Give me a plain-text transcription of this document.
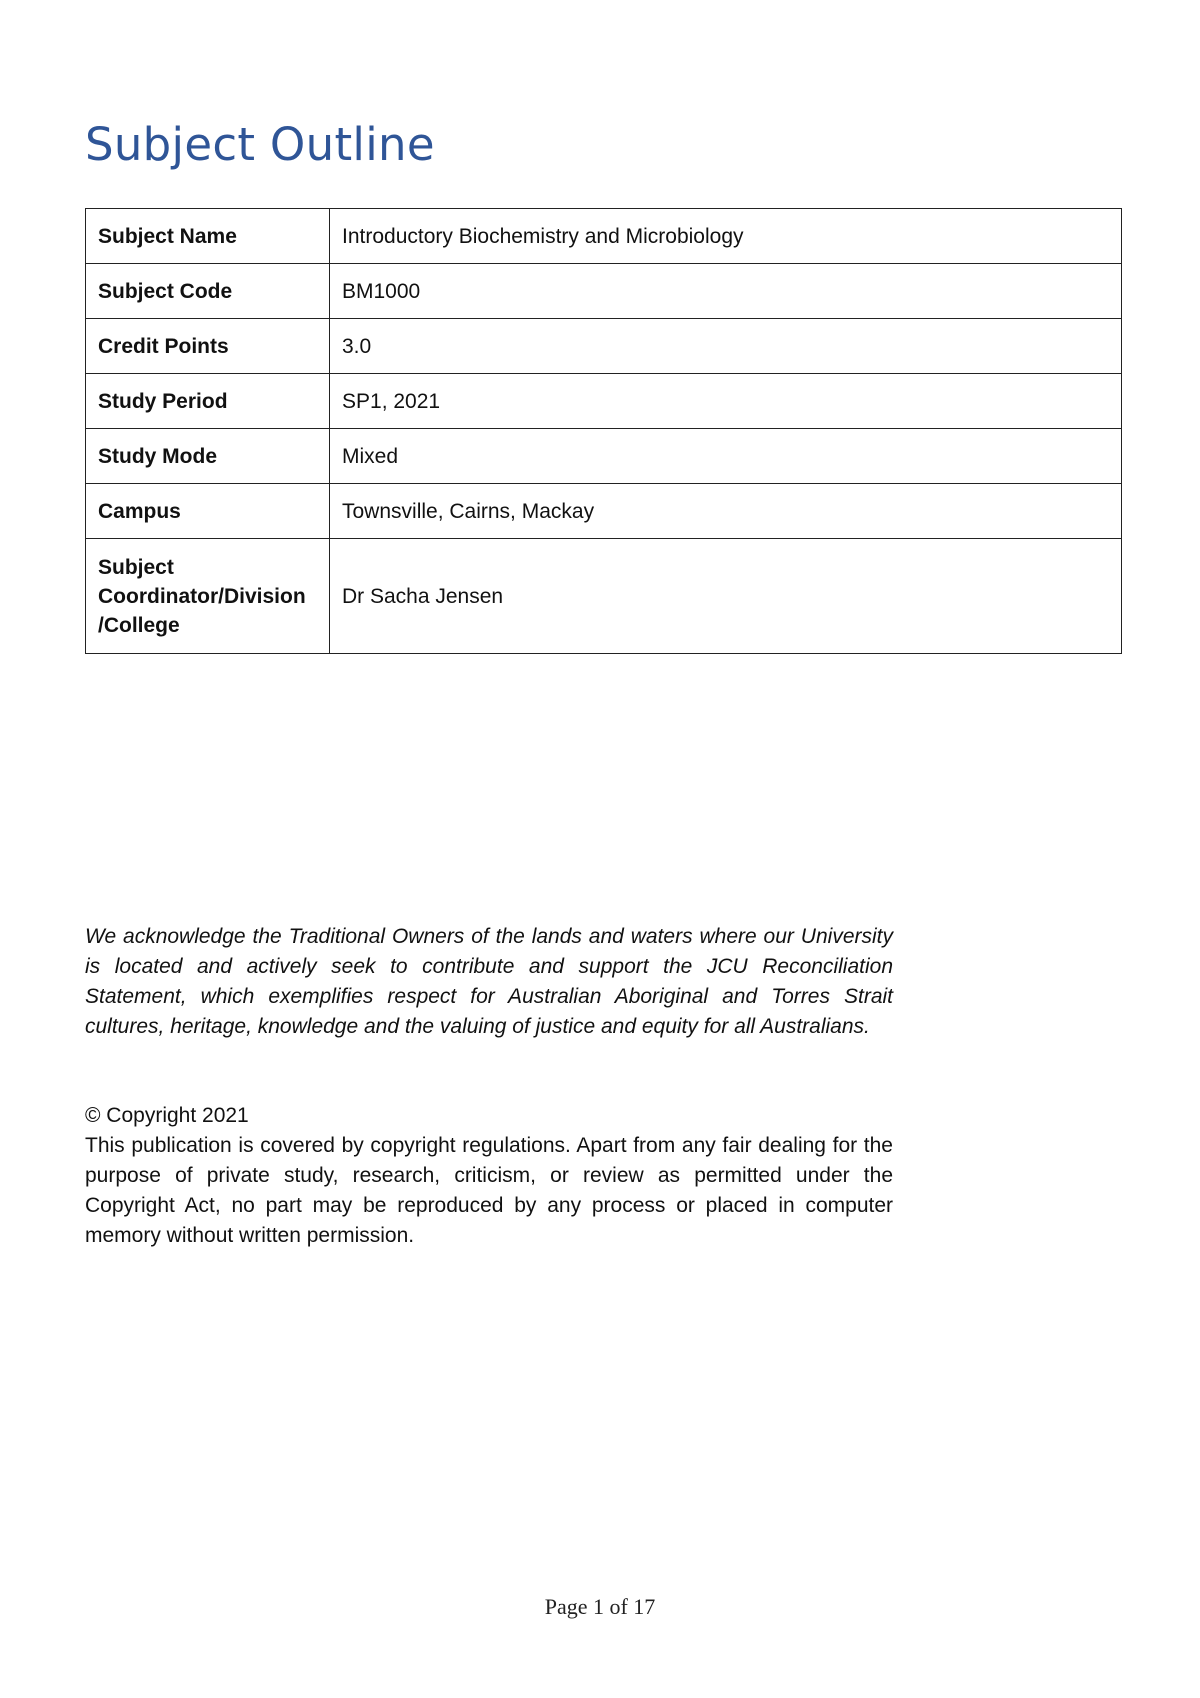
Subject Outline
Subject Name	Introductory Biochemistry and Microbiology
Subject Code	BM1000
Credit Points	3.0
Study Period	SP1, 2021
Study Mode	Mixed
Campus	Townsville, Cairns, Mackay
Subject Coordinator/Division /College	Dr Sacha Jensen

We acknowledge the Traditional Owners of the lands and waters where our University is located and actively seek to contribute and support the JCU Reconciliation Statement, which exemplifies respect for Australian Aboriginal and Torres Strait cultures, heritage, knowledge and the valuing of justice and equity for all Australians.

© Copyright 2021

This publication is covered by copyright regulations. Apart from any fair dealing for the purpose of private study, research, criticism, or review as permitted under the Copyright Act, no part may be reproduced by any process or placed in computer memory without written permission.

Page 1 of 17
